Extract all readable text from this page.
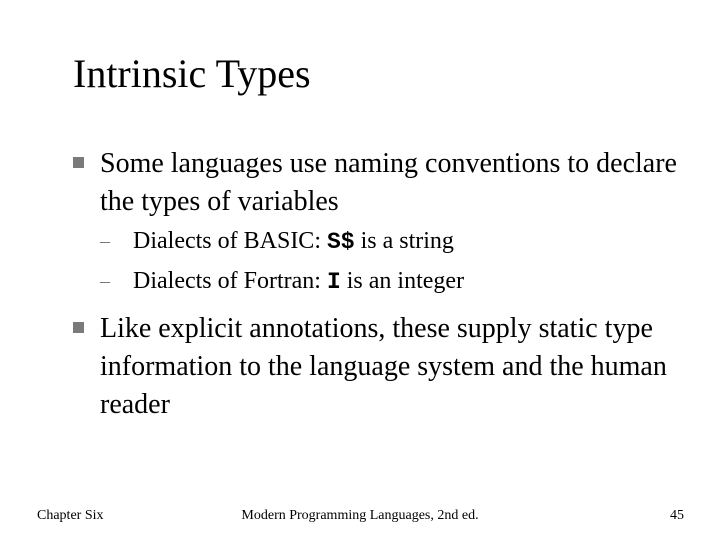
Intrinsic Types
Some languages use naming conventions to declare the types of variables
– Dialects of BASIC: S$ is a string
– Dialects of Fortran: I is an integer
Like explicit annotations, these supply static type information to the language system and the human reader
Chapter Six	Modern Programming Languages, 2nd ed.	45
